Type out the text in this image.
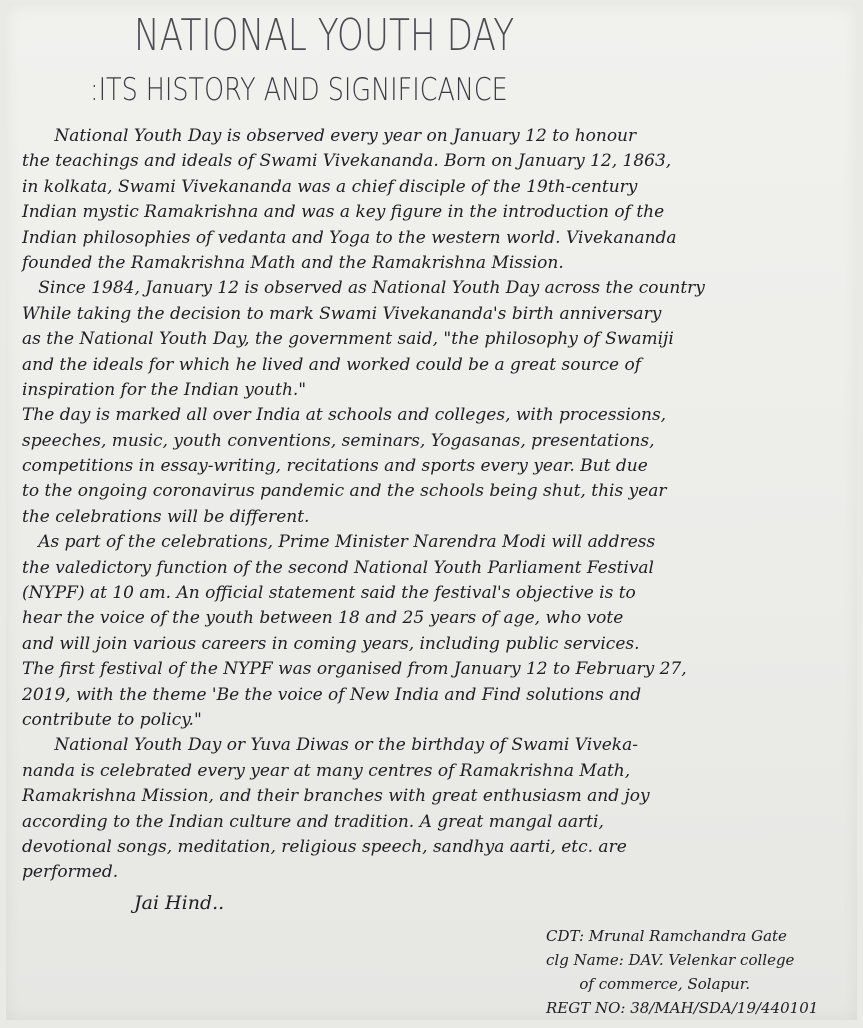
NATIONAL YOUTH DAY
:ITS HISTORY AND SIGNIFICANCE
National Youth Day is observed every year on January 12 to honour
the teachings and ideals of Swami Vivekananda. Born on January 12, 1863,
in kolkata, Swami Vivekananda was a chief disciple of the 19th-century
Indian mystic Ramakrishna and was a key figure in the introduction of the
Indian philosophies of vedanta and Yoga to the western world. Vivekananda
founded the Ramakrishna Math and the Ramakrishna Mission.
Since 1984, January 12 is observed as National Youth Day across the country
While taking the decision to mark Swami Vivekananda's birth anniversary
as the National Youth Day, the government said, "the philosophy of Swamiji
and the ideals for which he lived and worked could be a great source of
inspiration for the Indian youth."
The day is marked all over India at schools and colleges, with processions,
speeches, music, youth conventions, seminars, Yogasanas, presentations,
competitions in essay-writing, recitations and sports every year. But due
to the ongoing coronavirus pandemic and the schools being shut, this year
the celebrations will be different.
As part of the celebrations, Prime Minister Narendra Modi will address
the valedictory function of the second National Youth Parliament Festival
(NYPF) at 10 am. An official statement said the festival's objective is to
hear the voice of the youth between 18 and 25 years of age, who vote
and will join various careers in coming years, including public services.
The first festival of the NYPF was organised from January 12 to February 27,
2019, with the theme 'Be the voice of New India and Find solutions and
contribute to policy."
National Youth Day or Yuva Diwas or the birthday of Swami Viveka-
nanda is celebrated every year at many centres of Ramakrishna Math,
Ramakrishna Mission, and their branches with great enthusiasm and joy
according to the Indian culture and tradition. A great mangal aarti,
devotional songs, meditation, religious speech, sandhya aarti, etc. are
performed.
Jai Hind..
CDT: Mrunal Ramchandra Gate
clg Name: DAV. Velenkar college
of commerce, Solapur.
REGT NO: 38/MAH/SDA/19/440101
